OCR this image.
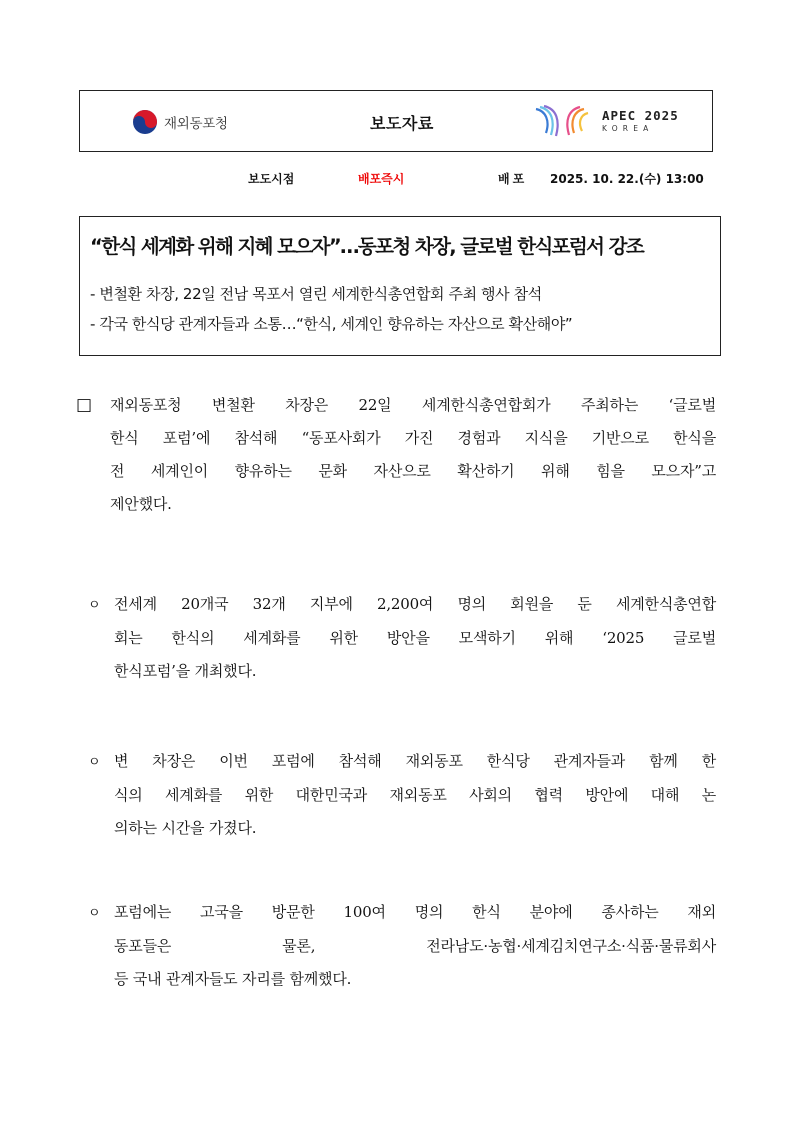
재외동포청	보도자료	APEC 2025
KOREA
보도시점	배포즉시	배포 2025. 10. 22.(수) 13:00
“한식 세계화 위해 지혜 모으자”…동포청 차장, 글로벌 한식포럼서 강조
- 변철환 차장, 22일 전남 목포서 열린 세계한식총연합회 주최 행사 참석
- 각국 한식당 관계자들과 소통…“한식, 세계인 향유하는 자산으로 확산해야”
□ 재외동포청 변철환 차장은 22일 세계한식총연합회가 주최하는 ‘글로벌
한식 포럼’에 참석해 “동포사회가 가진 경험과 지식을 기반으로 한식을
전 세계인이 향유하는 문화 자산으로 확산하기 위해 힘을 모으자”고
제안했다.
ㅇ 전세계 20개국 32개 지부에 2,200여 명의 회원을 둔 세계한식총연합
회는 한식의 세계화를 위한 방안을 모색하기 위해 ‘2025 글로벌
한식포럼’을 개최했다.
ㅇ 변 차장은 이번 포럼에 참석해 재외동포 한식당 관계자들과 함께 한
식의 세계화를 위한 대한민국과 재외동포 사회의 협력 방안에 대해 논
의하는 시간을 가졌다.
ㅇ 포럼에는 고국을 방문한 100여 명의 한식 분야에 종사하는 재외
동포들은 물론, 전라남도·농협·세계김치연구소·식품·물류회사
등 국내 관계자들도 자리를 함께했다.
